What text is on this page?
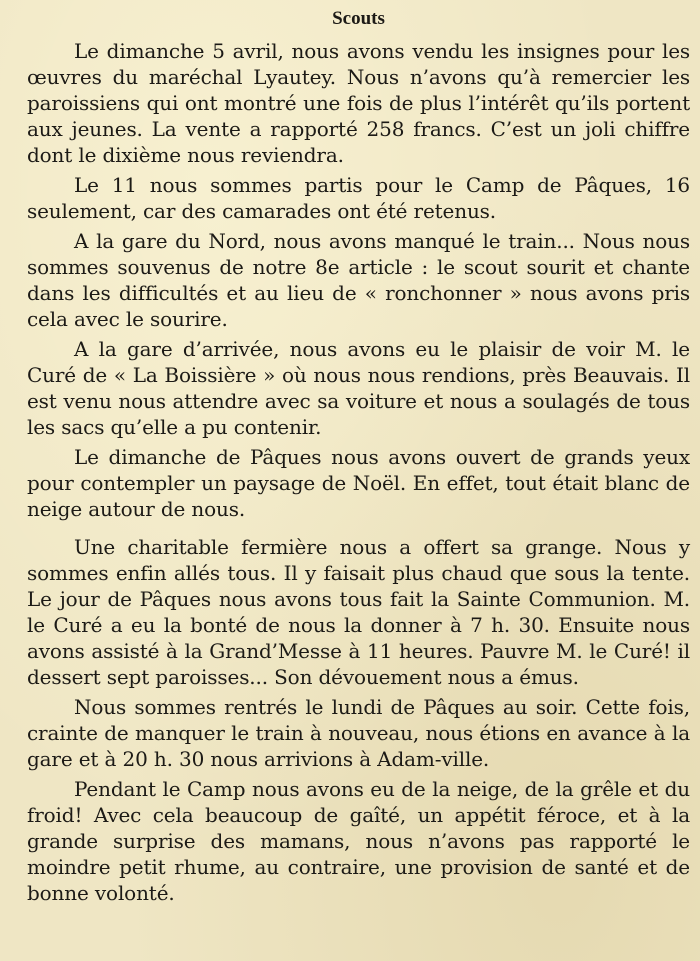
Scouts

Le dimanche 5 avril, nous avons vendu les insignes pour les œuvres du maréchal Lyautey. Nous n’avons qu’à remercier les paroissiens qui ont montré une fois de plus l’intérêt qu’ils portent aux jeunes. La vente a rapporté 258 francs. C’est un joli chiffre dont le dixième nous reviendra.

Le 11 nous sommes partis pour le Camp de Pâques, 16 seulement, car des camarades ont été retenus.

A la gare du Nord, nous avons manqué le train... Nous nous sommes souvenus de notre 8e article : le scout sourit et chante dans les difficultés et au lieu de « ronchonner » nous avons pris cela avec le sourire.

A la gare d’arrivée, nous avons eu le plaisir de voir M. le Curé de « La Boissière » où nous nous rendions, près Beauvais. Il est venu nous attendre avec sa voiture et nous a soulagés de tous les sacs qu’elle a pu contenir.

Le dimanche de Pâques nous avons ouvert de grands yeux pour contempler un paysage de Noël. En effet, tout était blanc de neige autour de nous.

Une charitable fermière nous a offert sa grange. Nous y sommes enfin allés tous. Il y faisait plus chaud que sous la tente. Le jour de Pâques nous avons tous fait la Sainte Communion. M. le Curé a eu la bonté de nous la donner à 7 h. 30. Ensuite nous avons assisté à la Grand’Messe à 11 heures. Pauvre M. le Curé! il dessert sept paroisses... Son dévouement nous a émus.

Nous sommes rentrés le lundi de Pâques au soir. Cette fois, crainte de manquer le train à nouveau, nous étions en avance à la gare et à 20 h. 30 nous arrivions à Adam-ville.

Pendant le Camp nous avons eu de la neige, de la grêle et du froid! Avec cela beaucoup de gaîté, un appétit féroce, et à la grande surprise des mamans, nous n’avons pas rapporté le moindre petit rhume, au contraire, une provision de santé et de bonne volonté.
